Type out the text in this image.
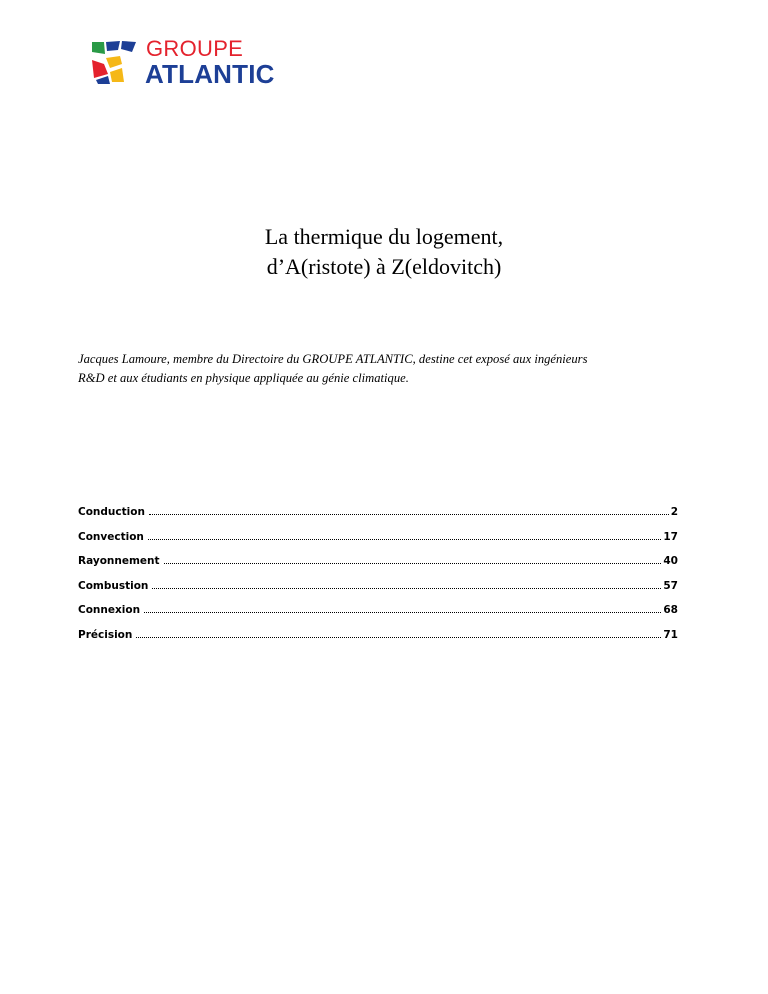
GROUPE
ATLANTIC
La thermique du logement,
d’A(ristote) à Z(eldovitch)
Jacques Lamoure, membre du Directoire du GROUPE ATLANTIC, destine cet exposé aux ingénieurs
R&D et aux étudiants en physique appliquée au génie climatique.
Conduction	2
Convection	17
Rayonnement	40
Combustion	57
Connexion	68
Précision	71
